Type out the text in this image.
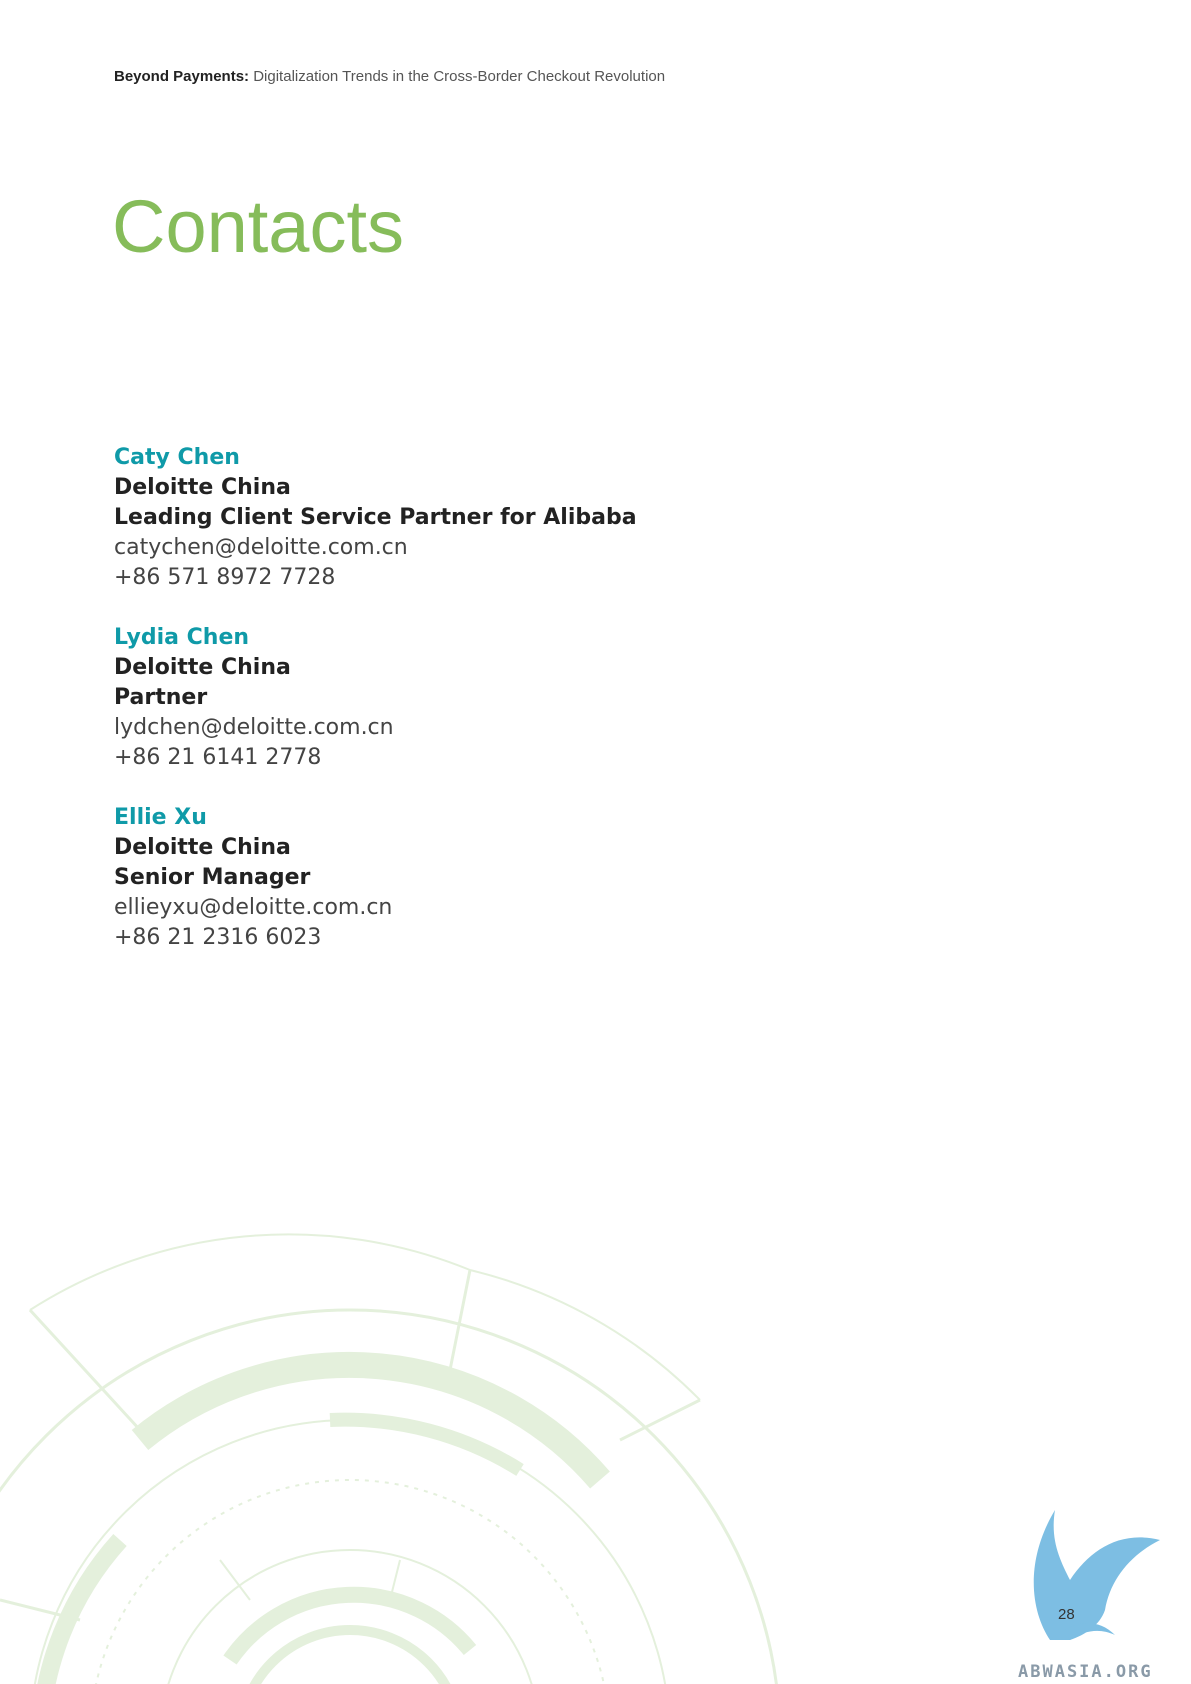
Beyond Payments: Digitalization Trends in the Cross-Border Checkout Revolution
Contacts
Caty Chen
Deloitte China
Leading Client Service Partner for Alibaba
catychen@deloitte.com.cn
+86 571 8972 7728
Lydia Chen
Deloitte China
Partner
lydchen@deloitte.com.cn
+86 21 6141 2778
Ellie Xu
Deloitte China
Senior Manager
ellieyxu@deloitte.com.cn
+86 21 2316 6023
28
ABWASIA.ORG
